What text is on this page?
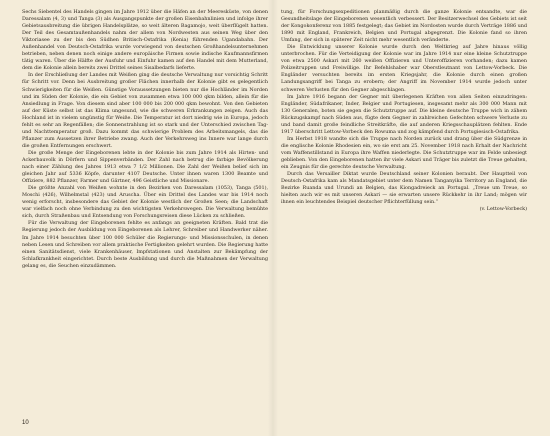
Sechs Siebentel des Handels gingen im Jahre 1912 über die Häfen an der Meeresküste, von denen Daressalam (4, 3) und Tanga (3) als Ausgangspunkte der großen Eisenbahnlinien und infolge ihrer Gebietsausbreitung die übrigen Handelsplätze, so weit älteren Bagamojo, weit überflügelt hatten. Der Teil des Gesamtaußenhandels nahm der allem von Nordwesten aus seinen Weg über den Viktoriasee zu der bis den Südhen Britisch-Ostafrika (Kenia) führenden Ugandabahn. Der Außenhandel von Deutsch-Ostafrika wurde vorwiegend von deutschen Großhandelsunternehmen betrieben, neben denen noch einige andere europäische Firmen sowie indische Kaufmannsfirmen tätig waren. Über die Hälfte der Ausfuhr und Einfuhr kamen auf den Handel mit dem Mutterland, dem die Kolonie allein bereits zwei Drittel seines Sisalbedarfs lieferte.

In der Erschließung der Landes mit Weißen ging die deutsche Verwaltung nur vorsichtig Schritt für Schritt vor. Denn bei Ausbreitung großer Flächen innerhalb der Kolonie gibt es gelegentlich Schwierigkeiten für die Weißen. Günstige Voraussetzungen bieten nur die Hochländer im Norden und im Süden der Kolonie, die ein Gebiet von zusammen etwa 100 000 qkm bilden, allein für die Ansiedlung in Frage. Von diesem sind aber 100 000 bis 200 000 qkm bewohnt. Von den Gebieten auf der Küste selbst ist das Klima ungesund, wie die schweren Erkrankungen zeigen. Auch das Hochland ist in vielem ungünstig für Weiße. Die Temperatur ist dort niedrig wie in Europa, jedoch fehlt es sehr an Regenfällen; die Sonnenstrahlung ist so stark und der Unterschied zwischen Tag- und Nachttemperatur groß. Dazu kommt das schwierige Problem des Arbeitsmangels, das die Pflanzer zum Aussetzen ihrer Betriebe zwang. Auch der Verkehrsweg ins Innere war lange durch die großen Entfernungen erschwert.

Die große Menge der Eingeborenen lebte in der Kolonie bis zum Jahre 1914 als Hirten- und Ackerbauvolk in Dörfern und Sippenverbänden. Der Zahl nach betrug die farbige Bevölkerung nach einer Zählung des Jahres 1913 etwa 7 1/2 Millionen. Die Zahl der Weißen belief sich im gleichen Jahr auf 5336 Köpfe, darunter 4107 Deutsche. Unter ihnen waren 1300 Beamte und Offiziere, 882 Pflanzer, Farmer und Gärtner, 496 Geistliche und Missionare.

Die größte Anzahl von Weißen wohnte in den Bezirken von Daressalam (1053), Tanga (501), Moschi (426), Wilhelmstal (423) und Aruscha. Über ein Drittel des Landes war bis 1914 noch wenig erforscht, insbesondere das Gebiet der Kolonie westlich der Großen Seen; die Landschaft war vielfach noch ohne Verbindung zu den wichtigsten Verkehrswegen. Die Verwaltung bemühte sich, durch Straßenbau und Entsendung von Forschungsreisen diese Lücken zu schließen.

Für die Verwaltung der Eingeborenen fehlte es anfangs an geeigneten Kräften. Bald trat die Regierung jedoch der Ausbildung von Eingeborenen als Lehrer, Schreiber und Handwerker näher. Im Jahre 1914 besuchten über 100 000 Schüler die Regierungs- und Missionsschulen, in denen neben Lesen und Schreiben vor allem praktische Fertigkeiten gelehrt wurden. Die Regierung hatte einen Sanitätsdienst, viele Krankenhäuser, Impfstationen und Anstalten zur Bekämpfung der Schlafkrankheit eingerichtet. Durch beste Ausbildung und durch die Maßnahmen der Verwaltung gelang es, die Seuchen einzudämmen.

tung, für Forschungsexpeditionen planmäßig durch die ganze Kolonie entsandte, war die Gesundheitslage der Eingeborenen wesentlich verbessert. Der Besitzerwechsel des Gebiets ist seit der Kongokonferenz von 1885 festgelegt; das Gebiet im Nordosten wurde durch Verträge 1886 und 1890 mit England, Frankreich, Belgien und Portugal abgegrenzt. Die Kolonie fand so ihren Umfang, der sich in späterer Zeit nicht mehr wesentlich veränderte.

Die Entwicklung unserer Kolonie wurde durch den Weltkrieg auf Jahre hinaus völlig unterbrochen. Für die Verteidigung der Kolonie war im Jahre 1914 nur eine kleine Schutztruppe von etwa 2500 Askari mit 260 weißen Offizieren und Unteroffizieren vorhanden; dazu kamen Polizeitruppen und Freiwillige. Ihr Befehlshaber war Oberstleutnant von Lettow-Vorbeck. Die Engländer versuchten bereits im ersten Kriegsjahr, die Kolonie durch einen großen Landungsangriff bei Tanga zu erobern; der Angriff im November 1914 wurde jedoch unter schweren Verlusten für den Gegner abgeschlagen.

Im Jahre 1916 begann der Gegner mit überlegenen Kräften von allen Seiten einzudringen: Engländer, Südafrikaner, Inder, Belgier und Portugiesen, insgesamt mehr als 300 000 Mann mit 130 Generalen, boten sie gegen die Schutztruppe auf. Die kleine deutsche Truppe wich in zähem Rückzugskampf nach Süden aus, fügte dem Gegner in zahlreichen Gefechten schwere Verluste zu und band damit große feindliche Streitkräfte, die auf anderen Kriegsschauplätzen fehlten. Ende 1917 überschritt Lettow-Vorbeck den Rowuma und zog kämpfend durch Portugiesisch-Ostafrika.

Im Herbst 1918 wandte sich die Truppe nach Norden zurück und drang über die Südgrenze in die englische Kolonie Rhodesien ein, wo sie erst am 25. November 1918 nach Erhalt der Nachricht vom Waffenstillstand in Europa ihre Waffen niederlegte. Die Schutztruppe war im Felde unbesiegt geblieben. Von den Eingeborenen hatten ihr viele Askari und Träger bis zuletzt die Treue gehalten, ein Zeugnis für die gerechte deutsche Verwaltung.

Durch das Versailler Diktat wurde Deutschland seiner Kolonien beraubt. Der Hauptteil von Deutsch-Ostafrika kam als Mandatsgebiet unter dem Namen Tanganyika Territory an England, die Bezirke Ruanda und Urundi an Belgien, das Kiongadreieck an Portugal. „Treue um Treue, so hielten auch wir es mit unseren Askari — sie erwarten unsere Rückkehr in ihr Land; mögen wir ihnen ein leuchtendes Beispiel deutscher Pflichterfüllung sein.“

(v. Lettow-Vorbeck)

10
